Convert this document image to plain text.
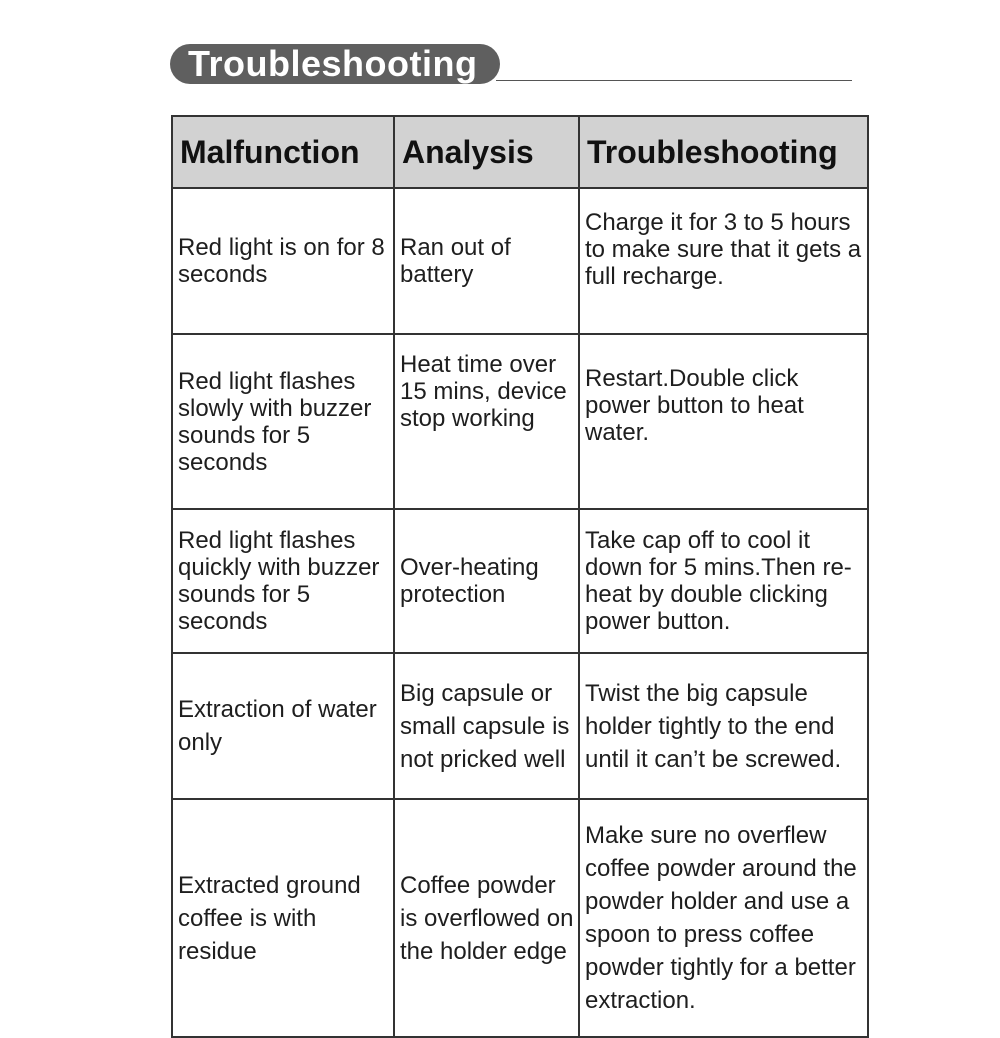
Troubleshooting
Malfunction	Analysis	Troubleshooting
Red light is on for 8 seconds	Ran out of battery	Charge it for 3 to 5 hours to make sure that it gets a full recharge.
Red light flashes slowly with buzzer sounds for 5 seconds	Heat time over 15 mins, device stop working	Restart.Double click power button to heat water.
Red light flashes quickly with buzzer sounds for 5 seconds	Over-heating protection	Take cap off to cool it down for 5 mins.Then re-heat by double clicking power button.
Extraction of water only	Big capsule or small capsule is not pricked well	Twist the big capsule holder tightly to the end until it can’t be screwed.
Extracted ground coffee is with residue	Coffee powder is overflowed on the holder edge	Make sure no overflew coffee powder around the powder holder and use a spoon to press coffee powder tightly for a better extraction.
